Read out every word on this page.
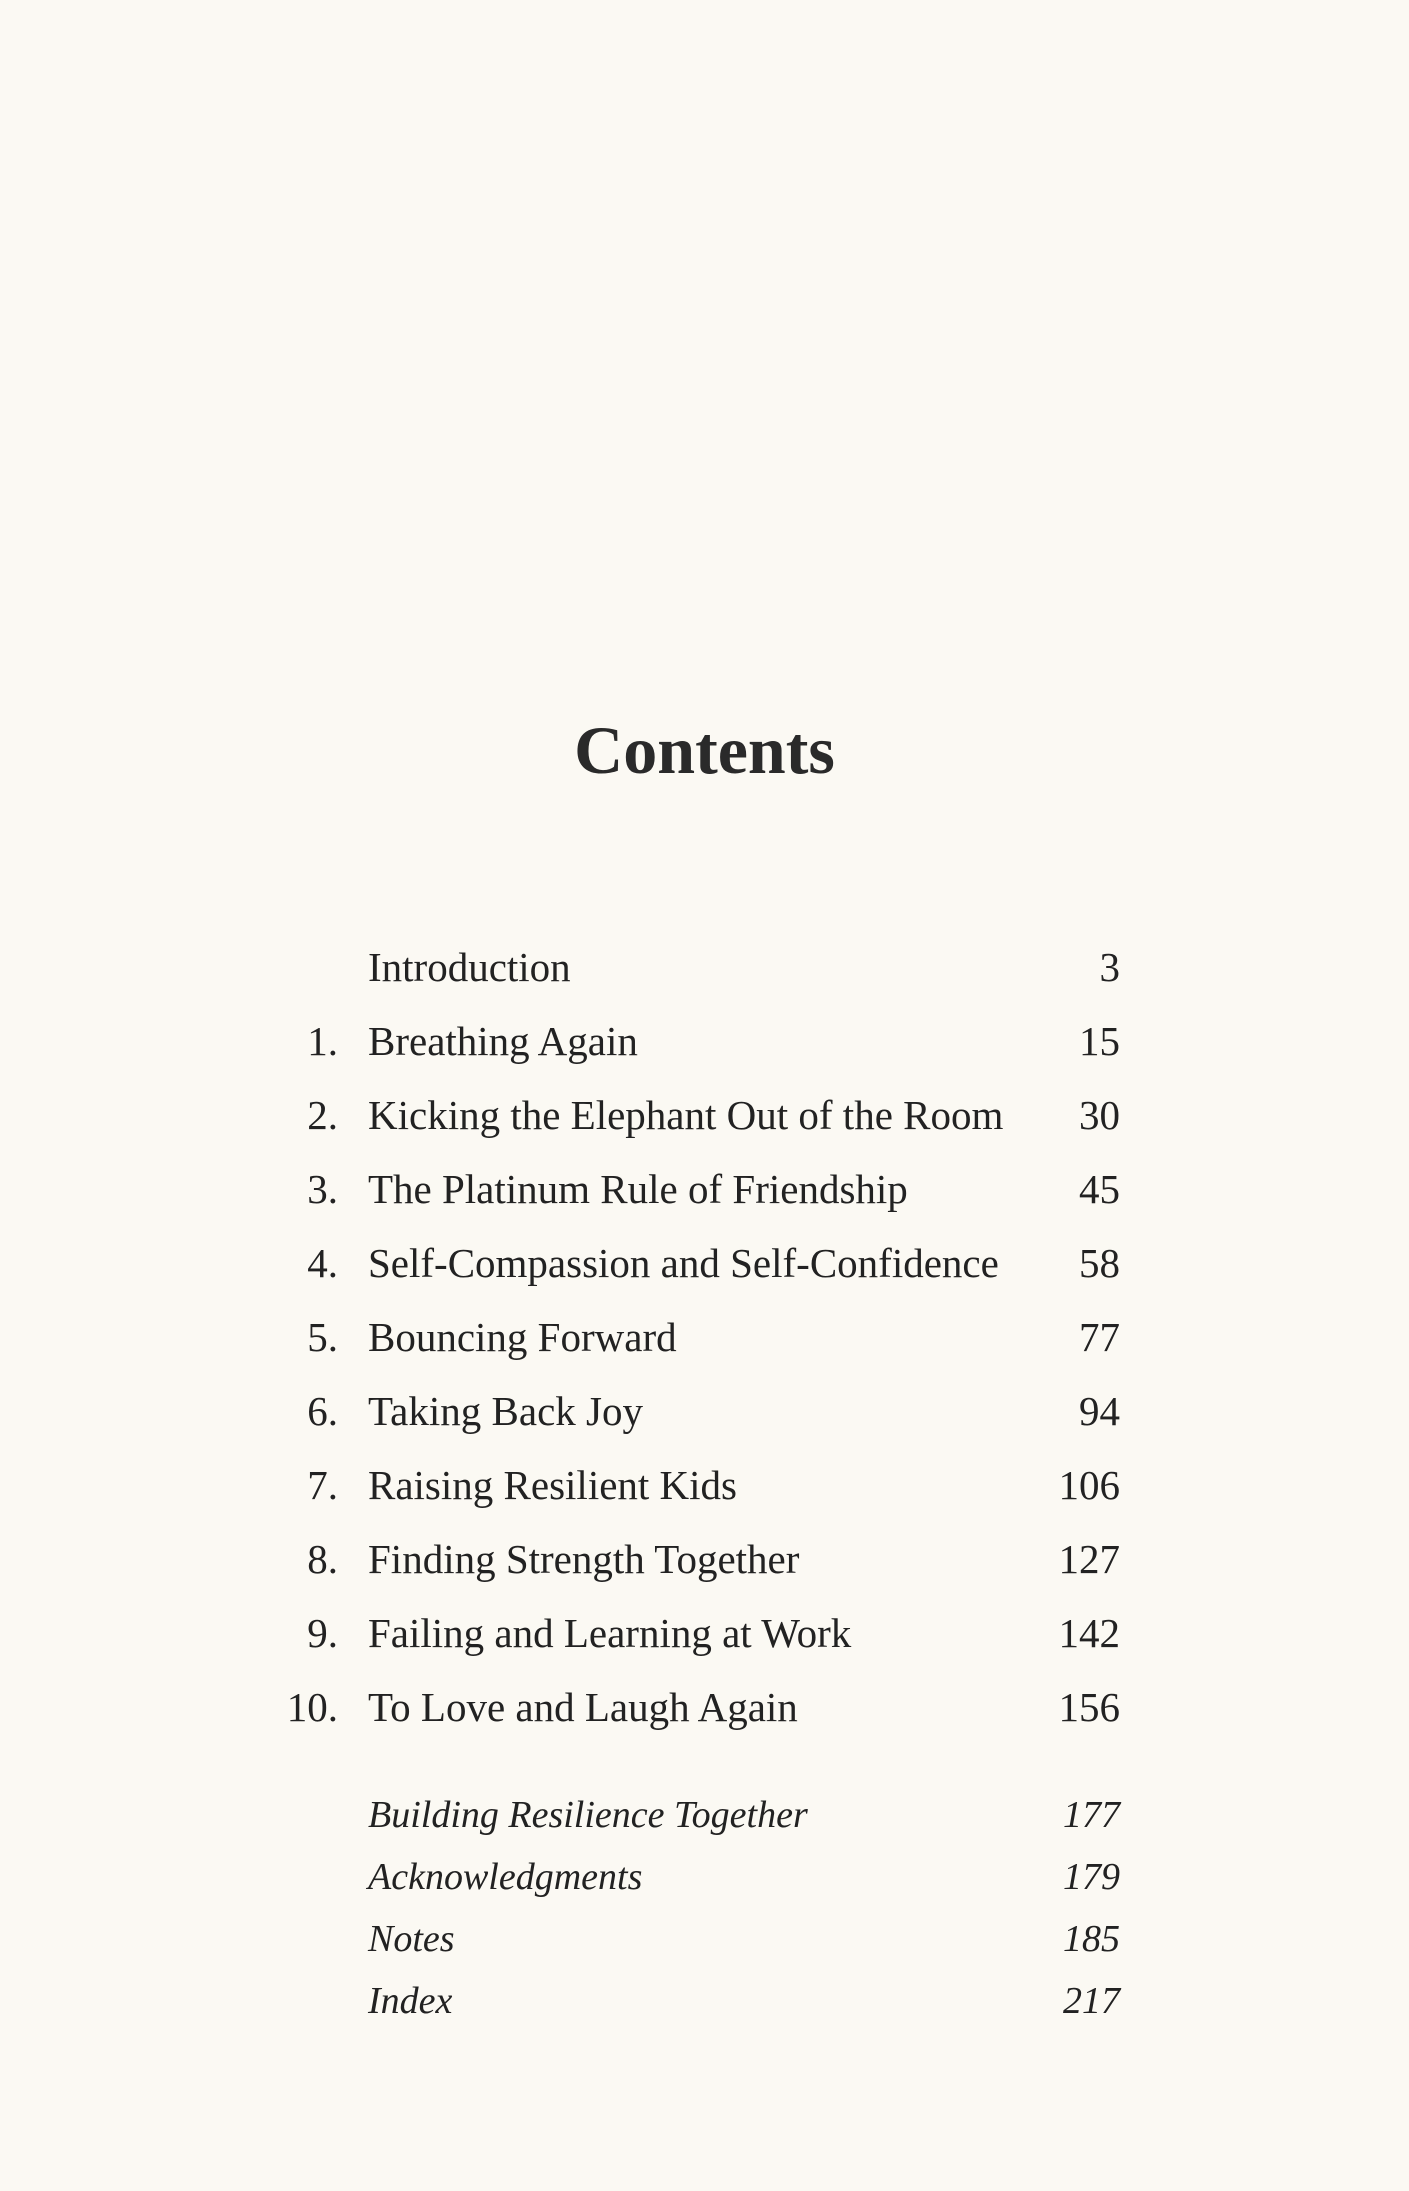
Contents
Introduction	3
1. Breathing Again	15
2. Kicking the Elephant Out of the Room 30
3. The Platinum Rule of Friendship	45
4. Self-Compassion and Self-Confidence 58
5. Bouncing Forward	77
6. Taking Back Joy	94
7. Raising Resilient Kids	106
8. Finding Strength Together	127
9. Failing and Learning at Work	142
10. To Love and Laugh Again	156
Building Resilience Together	177
Acknowledgments	179
Notes	185
Index	217
